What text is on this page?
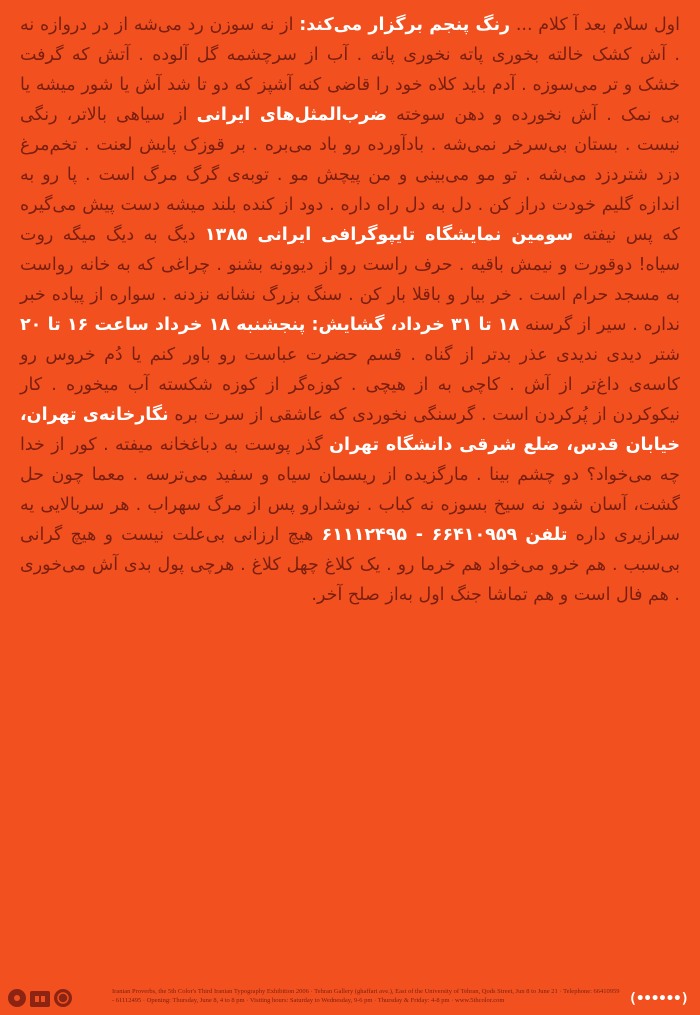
اول سلام بعد آ کلام ... رنگ پنجم برگزار می‌کند: از نه سوزن رد می‌شه از در دروازه نه . آش کشک خالته بخوری پاته نخوری پاته . آب از سرچشمه گل آلوده . آتش که گرفت خشک و تر می‌سوزه . آدم باید کلاه خود را قاضی کنه آشپز که دو تا شد آش یا شور میشه یا بی نمک . آش نخورده و دهن سوخته ضرب‌المثل‌های ایرانی از سیاهی بالاتر، رنگی نیست . بستان بی‌سرخر نمی‌شه . بادآورده رو باد می‌بره . بر قوزک پایش لعنت . تخم‌مرغ دزد شتردزد می‌شه . تو مو می‌بینی و من پیچش مو . توبه‌ی گرگ مرگ است . پا رو به اندازه گلیم خودت دراز کن . دل به دل راه داره . دود از کنده بلند میشه دست پیش می‌گیره که پس نیفته سومین نمایشگاه تایپوگرافی ایرانی ۱۳۸۵ دیگ به دیگ میگه روت سیاه! دوقورت و نیمش باقیه . حرف راست رو از دیوونه بشنو . چراغی که به خانه رواست به مسجد حرام است . خر بیار و باقلا بار کن . سنگ بزرگ نشانه نزدنه . سواره از پیاده خبر نداره . سیر از گرسنه ۱۸ تا ۳۱ خرداد، گشایش: پنجشنبه ۱۸ خرداد ساعت ۱۶ تا ۲۰ شتر دیدی ندیدی عذر بدتر از گناه . قسم حضرت عباست رو باور کنم یا دُم خروس رو کاسه‌ی داغ‌تر از آش . کاچی به از هیچی . کوزه‌گر از کوزه شکسته آب میخوره . کار نیکوکردن از پُرکردن است . گرسنگی نخوردی که عاشقی از سرت بره نگارخانه‌ی تهران، خیابان قدس، ضلع شرقی دانشگاه تهران گذر پوست به دباغخانه میفته . کور از خدا چه می‌خواد؟ دو چشم بینا . مارگزیده از ریسمان سیاه و سفید می‌ترسه . معما چون حل گشت، آسان شود نه سیخ بسوزه نه کباب . نوشدارو پس از مرگ سهراب . هر سربالایی یه سرازیری داره تلفن ۶۱۱۱۲۴۹۵ - ۶۶۴۱۰۹۵۹ هیچ ارزانی بی‌علت نیست و هیچ گرانی بی‌سبب . هم خرو می‌خواد هم خرما رو . یک کلاغ چهل کلاغ . هرچی پول بدی آش می‌خوری . هم فال است و هم تماشا جنگ اول به‌از صلح آخر.
Iranian Proverbs, the 5th Color's Third Iranian Typography Exhibition 2006 · Tehran Gallery (ghaffari ave.), East of the University of Tehran, Qods Street, Jun 8 to June 21 · Telephone: 66410959 - 61112495 · Opening: Thursday, June 8, 4 to 8 pm · Visiting hours: Saturday to Wednesday, 9-6 pm · Thursday & Friday: 4-8 pm · www.5thcolor.com	(••••••)
